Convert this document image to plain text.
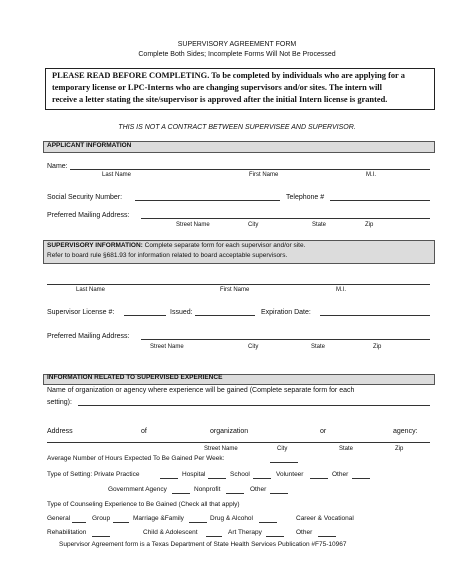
SUPERVISORY AGREEMENT FORM
Complete Both Sides; Incomplete Forms Will Not Be Processed
PLEASE READ BEFORE COMPLETING. To be completed by individuals who are applying for a
temporary license or LPC-Interns who are changing supervisors and/or sites. The intern will
receive a letter stating the site/supervisor is approved after the initial Intern license is granted.
THIS IS NOT A CONTRACT BETWEEN SUPERVISEE AND SUPERVISOR.
APPLICANT INFORMATION
Name:
Last Name	First Name	M.I.
Social Security Number:	Telephone #
Preferred Mailing Address:
Street Name	City	State	Zip
SUPERVISORY INFORMATION: Complete separate form for each supervisor and/or site.
Refer to board rule §681.93 for information related to board acceptable supervisors.
Last Name	First Name	M.I.
Supervisor License #:	Issued:	Expiration Date:
Preferred Mailing Address:
Street Name	City	State	Zip
INFORMATION RELATED TO SUPERVISED EXPERIENCE
Name of organization or agency where experience will be gained (Complete separate form for each
setting):
Address	of	organization	or	agency:
Street Name	City	State	Zip
Average Number of Hours Expected To Be Gained Per Week:
Type of Setting: Private Practice	Hospital	School	Volunteer	Other
Government Agency	Nonprofit	Other
Type of Counseling Experience to Be Gained (Check all that apply)
General	Group	Marriage &Family	Drug & Alcohol	Career & Vocational
Rehabilitation	Child & Adolescent	Art Therapy	Other
Supervisor Agreement form is a Texas Department of State Health Services Publication #F75-10967
